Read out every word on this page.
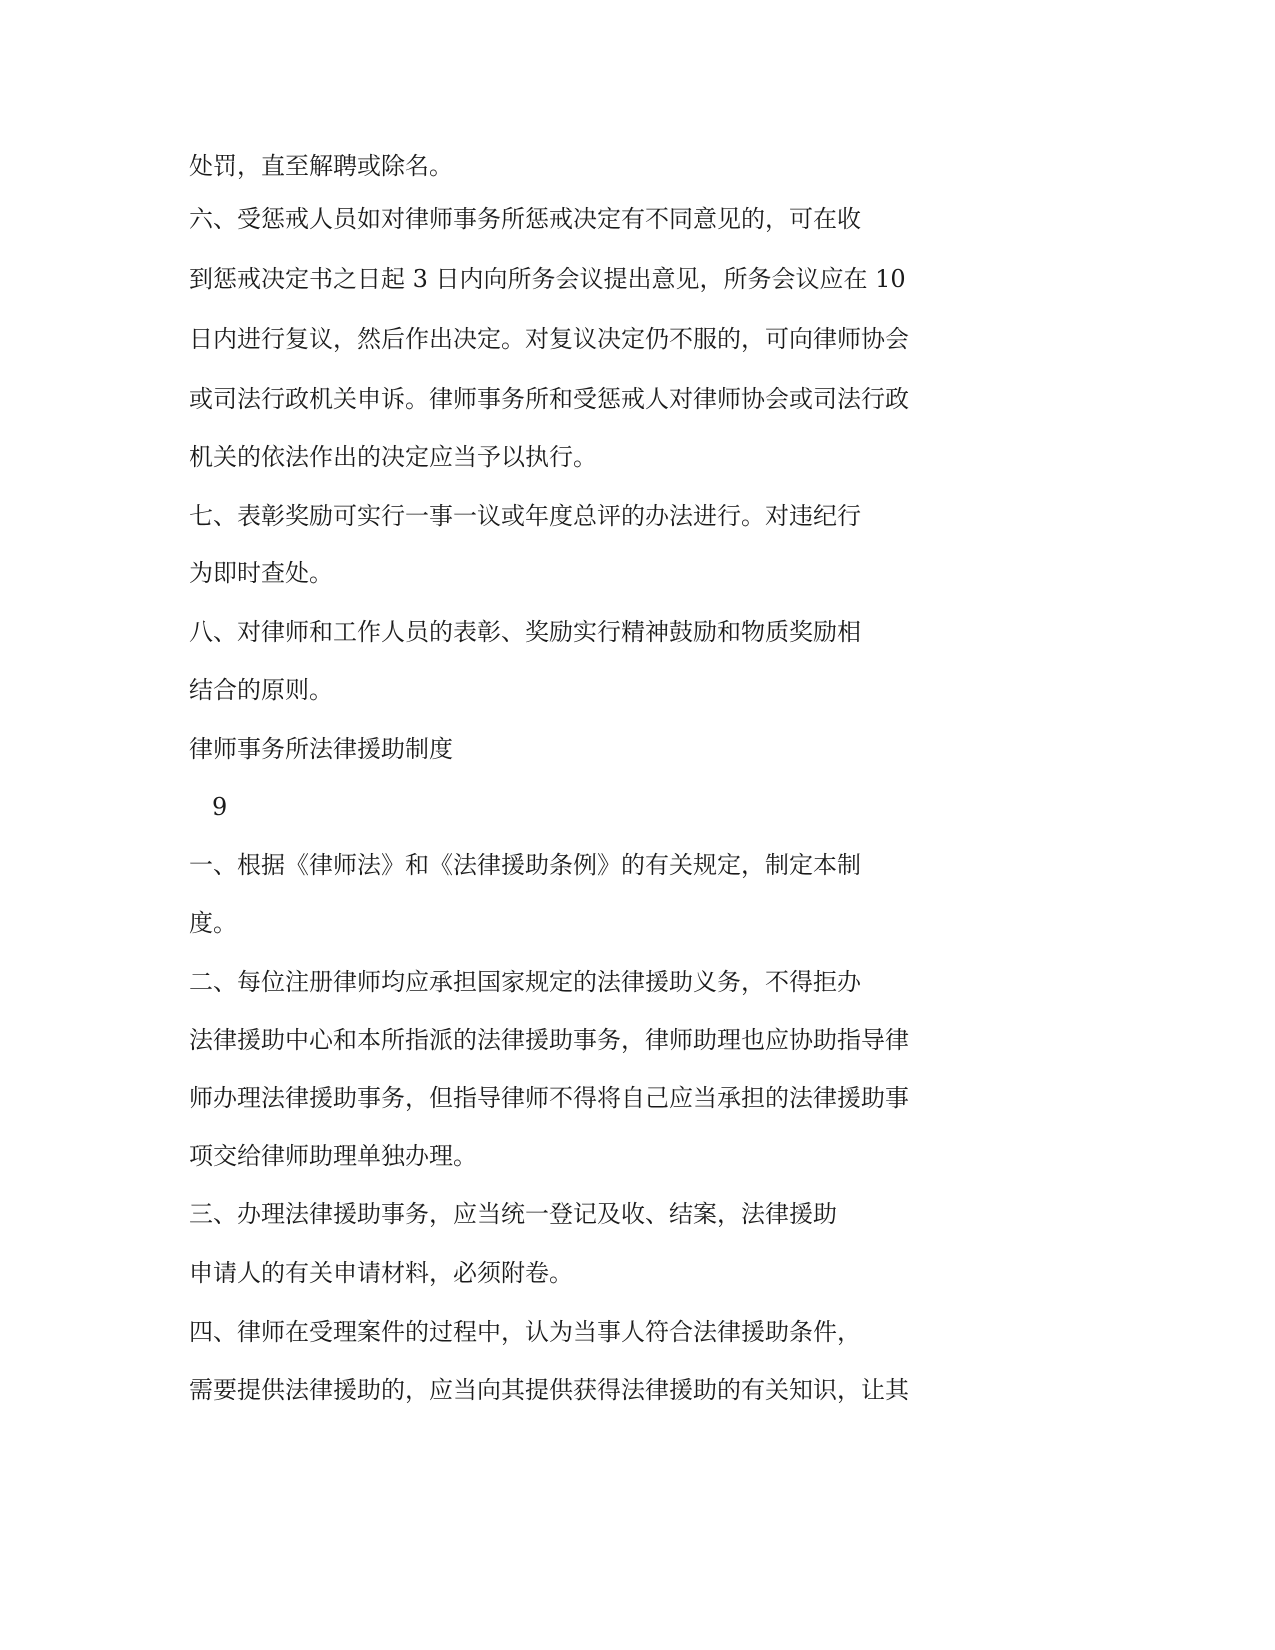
处罚，直至解聘或除名。

六、受惩戒人员如对律师事务所惩戒决定有不同意见的，可在收

到惩戒决定书之日起 3 日内向所务会议提出意见，所务会议应在 10

日内进行复议，然后作出决定。对复议决定仍不服的，可向律师协会

或司法行政机关申诉。律师事务所和受惩戒人对律师协会或司法行政

机关的依法作出的决定应当予以执行。

七、表彰奖励可实行一事一议或年度总评的办法进行。对违纪行

为即时查处。

八、对律师和工作人员的表彰、奖励实行精神鼓励和物质奖励相

结合的原则。

律师事务所法律援助制度

9

一、根据《律师法》和《法律援助条例》的有关规定，制定本制

度。

二、每位注册律师均应承担国家规定的法律援助义务，不得拒办

法律援助中心和本所指派的法律援助事务，律师助理也应协助指导律

师办理法律援助事务，但指导律师不得将自己应当承担的法律援助事

项交给律师助理单独办理。

三、办理法律援助事务，应当统一登记及收、结案，法律援助

申请人的有关申请材料，必须附卷。

四、律师在受理案件的过程中，认为当事人符合法律援助条件，

需要提供法律援助的，应当向其提供获得法律援助的有关知识，让其
